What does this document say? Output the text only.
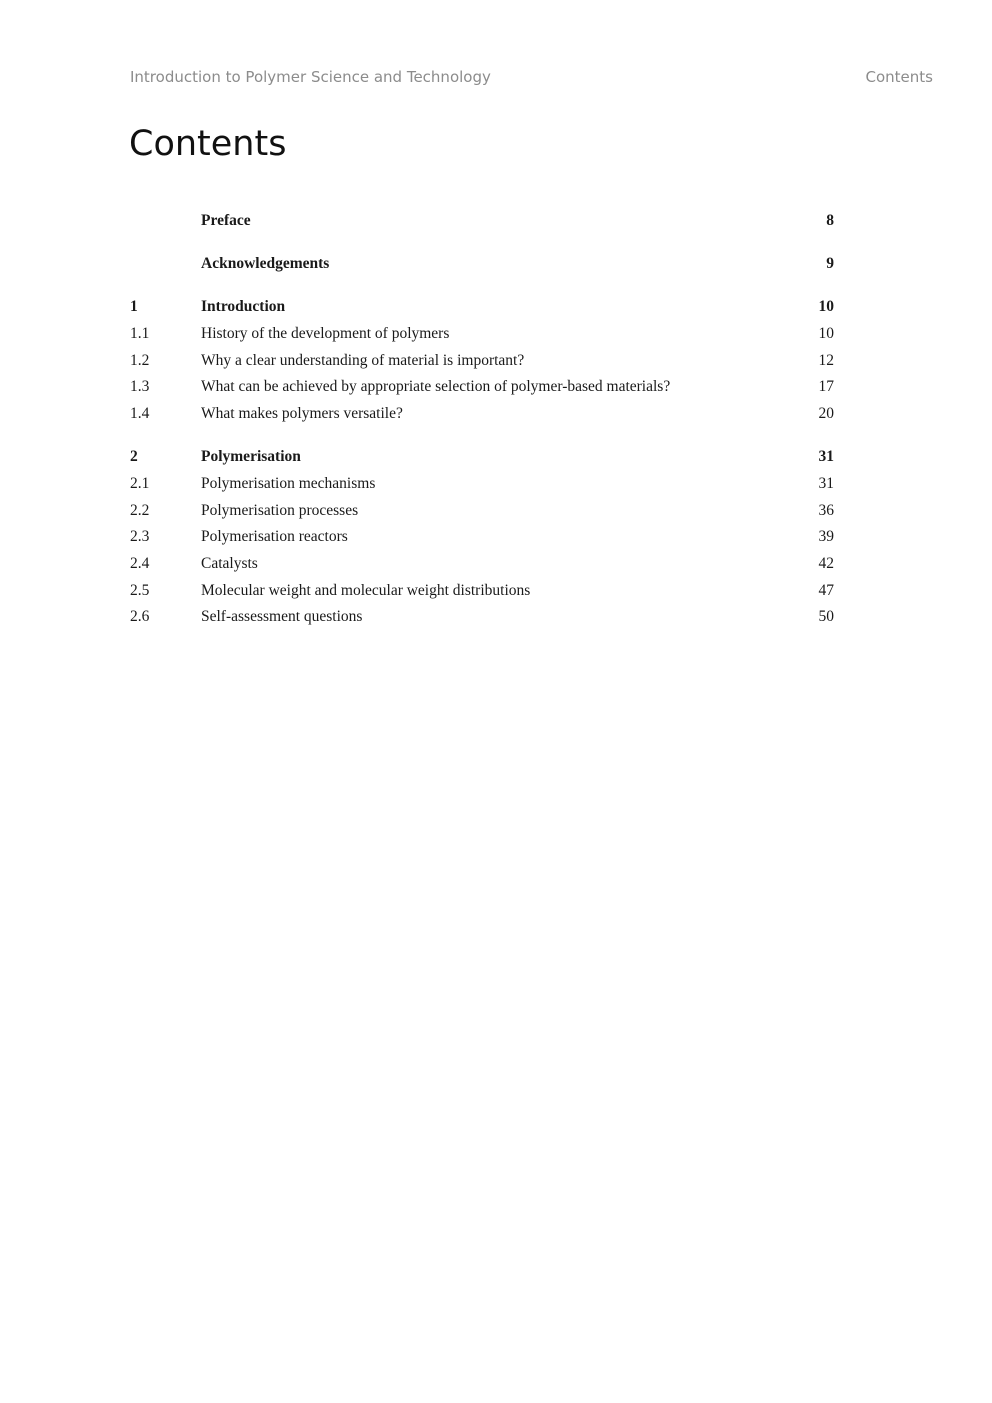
Introduction to Polymer Science and Technology	Contents
Contents
Preface	8
Acknowledgements	9
1	Introduction	10
1.1	History of the development of polymers	10
1.2	Why a clear understanding of material is important?	12
1.3	What can be achieved by appropriate selection of polymer-based materials?	17
1.4	What makes polymers versatile?	20
2	Polymerisation	31
2.1	Polymerisation mechanisms	31
2.2	Polymerisation processes	36
2.3	Polymerisation reactors	39
2.4	Catalysts	42
2.5	Molecular weight and molecular weight distributions	47
2.6	Self-assessment questions	50
